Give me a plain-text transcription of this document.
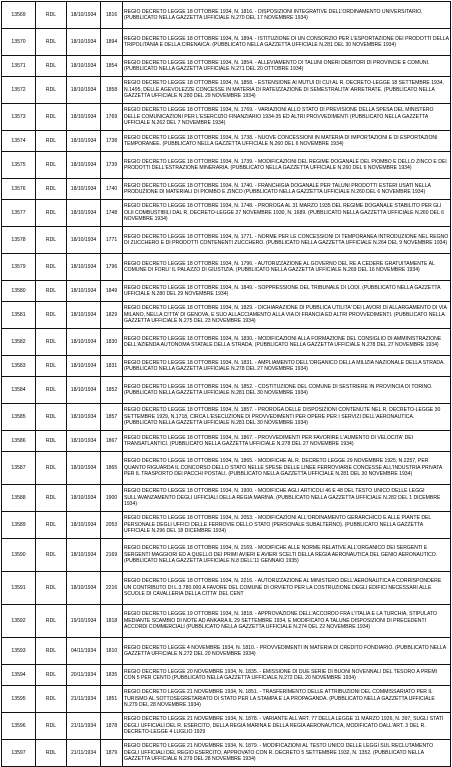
13569	RDL	18/10/1934	1816	REGIO DECRETO LEGGE 18 OTTOBRE 1934, N. 1816. - DISPOSIZIONI INTEGRATIVE DELL'ORDINAMENTO UNIVERSITARIO. (PUBBLICATO NELLA GAZZETTA UFFICIALE N.270 DEL 17 NOVEMBRE 1934)
13570	RDL	18/10/1934	1894	REGIO DECRETO LEGGE 18 OTTOBRE 1934, N. 1894. - ISTITUZIONE DI UN CONSORZIO PER L'ESPORTAZIONE DEI PRODOTTI DELLA TRIPOLITANIA E DELLA CIRENAICA. (PUBBLICATO NELLA GAZZETTA UFFICIALE N.281 DEL 30 NOVEMBRE 1934)
13571	RDL	18/10/1934	1854	REGIO DECRETO LEGGE 18 OTTOBRE 1934, N. 1854. - ALLEVIAMENTO DI TALUNI ONERI DEBITORI DI PROVINCIE E COMUNI. (PUBBLICATO NELLA GAZZETTA UFFICIALE N.271 DEL 20 OTTOBRE 1934)
13572	RDL	18/10/1934	1858	REGIO DECRETO LEGGE 18 OTTOBRE 1934, N. 1858. - ESTENSIONE AI MUTUI DI CUI AL R. DECRETO-LEGGE 18 SETTEMBRE 1934, N.1495, DELLE AGEVOLEZZE CONCESSE IN MATERIA DI RATEIZZAZIONE DI SEMESTRALITA' ARRETRATE. (PUBBLICATO NELLA GAZZETTA UFFICIALE N.280 DEL 29 NOVEMBRE 1934)
13573	RDL	18/10/1934	1769	REGIO DECRETO LEGGE 18 OTTOBRE 1934, N. 1769. - VARIAZIONI ALLO STATO DI PREVISIONE DELLA SPESA DEL MINISTERO DELLE COMUNICAZIONI PER L'ESERCIZIO FINANZIARIO 1934-35 ED ALTRI PROVVEDIMENTI (PUBBLICATO NELLA GAZZETTA UFFICIALE N.262 DEL 7 NOVEMBRE 1934)
13574	RDL	18/10/1934	1738	REGIO DECRETO LEGGE 18 OTTOBRE 1934, N. 1738. - NUOVE CONCESSIONI IN MATERIA DI IMPORTAZIONI E DI ESPORTAZIONI TEMPORANEE. (PUBBLICATO NELLA GAZZETTA UFFICIALE N.260 DEL 6 NOVEMBRE 1934)
13575	RDL	18/10/1934	1739	REGIO DECRETO LEGGE 18 OTTOBRE 1934, N. 1739. - MODIFICAZIONI DEL REGIME DOGANALE DEL PIOMBO E DELLO ZINCO E DEI PRODOTTI DELL'ESTRAZIONE MINERARIA. (PUBBLICATO NELLA GAZZETTA UFFICIALE N.260 DEL 6 NOVEMBRE 1934)
13576	RDL	18/10/1934	1740	REGIO DECRETO LEGGE 18 OTTOBRE 1934, N. 1740. - FRANCHIGIA DOGANALE PER TALUNI PRODOTTI ESTERI USATI NELLA PRODUZIONE DI MATERIALI DI PIOMBO E ZINCO (PUBBLICATO NELLA GAZZETTA UFFICIALE N.260 DEL 6 NOVEMBRE 1934)
13577	RDL	18/10/1934	1748	REGIO DECRETO LEGGE 18 OTTOBRE 1934, N. 1748. - PROROGA AL 31 MARZO 1935 DEL REGIME DOGANALE STABILITO PER GLI OLII COMBUSTIBILI DAL R. DECRETO-LEGGE 27 NOVEMBRE 1930, N. 1689. (PUBBLICATO NELLA GAZZETTA UFFICIALE N.260 DEL 6 NOVEMBRE 1934)
13578	RDL	18/10/1934	1771	REGIO DECRETO LEGGE 18 OTTOBRE 1934, N. 1771. - NORME PER LE CONCESSIONI DI TEMPORANEA INTRODUZIONE NEL REGNO DI ZUCCHERO E DI PRODOTTI CONTENENTI ZUCCHERO. (PUBBLICATO NELLA GAZZETTA UFFICIALE N.264 DEL 9 NOVEMBRE 1934)
13579	RDL	18/10/1934	1796	REGIO DECRETO LEGGE 18 OTTOBRE 1934, N. 1796. - AUTORIZZAZIONE AL GOVERNO DEL RE A CEDERE GRATUITAMENTE AL COMUNE DI FORLI' IL PALAZZO DI GIUSTIZIA. (PUBBLICATO NELLA GAZZETTA UFFICIALE N.269 DEL 16 NOVEMBRE 1934)
13580	RDL	18/10/1934	1849	REGIO DECRETO LEGGE 18 OTTOBRE 1934, N. 1849. - SOPPRESSIONE DEL TRIBUNALE DI LODI. (PUBBLICATO NELLA GAZZETTA UFFICIALE N.280 DEL 29 NOVEMBRE 1934)
13581	RDL	18/10/1934	1829	REGIO DECRETO LEGGE 18 OTTOBRE 1934, N. 1829. - DICHIARAZIONE DI PUBBLICA UTILITA' DEI LAVORI DI ALLARGAMENTO DI VIA MILANO, NELLA CITTA' DI GENOVA, E SUO ALLACCIAMENTO ALLA VIA DI FRANCIA ED ALTRI PROVVEDIMENTI. (PUBBLICATO NELLA GAZZETTA UFFICIALE N.275 DEL 23 NOVEMBRE 1934)
13582	RDL	18/10/1934	1830	REGIO DECRETO LEGGE 18 OTTOBRE 1934, N. 1830. - MODIFICAZIONI ALLA FORMAZIONE DEL CONSIGLIO DI AMMINISTRAZIONE DELL'AZIENDA AUTONOMA STATALE DELLA STRADA. (PUBBLICATO NELLA GAZZETTA UFFICIALE N.278 DEL 27 NOVEMBRE 1934)
13583	RDL	18/10/1934	1831	REGIO DECRETO LEGGE 18 OTTOBRE 1934, N. 1831. - AMPLIAMENTO DELL'ORGANICO DELLA MILIZIA NAZIONALE DELLA STRADA. (PUBBLICATO NELLA GAZZETTA UFFICIALE N.278 DEL 27 NOVEMBRE 1934)
13584	RDL	18/10/1934	1852	REGIO DECRETO LEGGE 18 OTTOBRE 1934, N. 1852. - COSTITUZIONE DEL COMUNE DI SESTRIERE IN PROVINCIA DI TORINO. (PUBBLICATO NELLA GAZZETTA UFFICIALE N.281 DEL 30 NOVEMBRE 1934)
13585	RDL	18/10/1934	1857	REGIO DECRETO LEGGE 18 OTTOBRE 1934, N. 1857. - PROROGA DELLE DISPOSIZIONI CONTENUTE NEL R. DECRETO-LEGGE 30 SETTEMBRE 1929, N.1718, CIRCA L'ESECUZIONE DI PROVVEDIMENTI PER OPERE PER I SERVIZI DELL'AERONAUTICA. (PUBBLICATO NELLA GAZZETTA UFFICIALE N.281 DEL 30 NOVEMBRE 1934)
13586	RDL	18/10/1934	1867	REGIO DECRETO LEGGE 18 OTTOBRE 1934, N. 1867. - PROVVEDIMENTI PER FAVORIRE L'AUMENTO DI VELOCITA' DEI TRANSATLANTICI. (PUBBLICATO NELLA GAZZETTA UFFICIALE N.278 DEL 27 NOVEMBRE 1934)
13587	RDL	18/10/1934	1865	REGIO DECRETO LEGGE 18 OTTOBRE 1934, N. 1865. - MODIFICHE AL R. DECRETO LEGGE 29 NOVEMBRE 1925, N.2257, PER QUANTO RIGUARDA IL CONCORSO DELLO STATO NELLE SPESE DELLE LINEE FERROVIARIE CONCESSE ALL'INDUSTRIA PRIVATA PER IL TRASPORTO DEI PACCHI POSTALI. (PUBBLICATO NELLA GAZZETTA UFFICIALE N.281 DEL 30 NOVEMBRE 1934)
13588	RDL	18/10/1934	1900	REGIO DECRETO LEGGE 18 OTTOBRE 1934, N. 1900. - MODIFICHE AGLI ARTICOLI 46 E 48 DEL TESTO UNICO DELLE LEGGI SULL'AVANZAMENTO DEGLI UFFICIALI DELLA REGIA MARINA. (PUBBLICATO NELLA GAZZETTA UFFICIALE N.282 DEL 1 DICEMBRE 1934)
13589	RDL	18/10/1934	2053	REGIO DECRETO LEGGE 18 OTTOBRE 1934, N. 2053. - MODIFICAZIONI ALL'ORDINAMENTO GERARCHICO E ALLE PIANTE DEL PERSONALE DEGLI UFFICI DELLE FERROVIE DELLO STATO (PERSONALE SUBALTERNO). (PUBBLICATO NELLA GAZZETTA UFFICIALE N.296 DEL 18 DICEMBRE 1934)
13590	RDL	18/10/1934	2169	REGIO DECRETO LEGGE 18 OTTOBRE 1934, N. 2169. - MODIFICHE ALLE NORME RELATIVE ALL'ORGANICO DEI SERGENTI E SERGENTI MAGGIORI ED A QUELLO DEI PRIMI AVIERI E AVIERI SCELTI DELLA REGIA AERONAUTICA DEL GENIO AERONAUTICO. (PUBBLICATO NELLA GAZZETTA UFFICIALE N.8 DELL'11 GENNAIO 1935)
13591	RDL	18/10/1934	2216	REGIO DECRETO LEGGE 18 OTTOBRE 1934, N. 2216. - AUTORIZZAZIONE AL MINISTERO DELL'AERONAUTICA A CORRISPONDERE UN CONTRIBUTO DI L.3.780.000 A FAVORE DEL COMUNE DI ORVIETO PER LA COSTRUZIONE DEGLI EDIFICI NECESSARI ALLE SCUOLE DI CAVALLERIA DELLA CITTA' DEL CENT
13592	RDL	19/10/1934	1818	REGIO DECRETO LEGGE 19 OTTOBRE 1934, N. 1818. - APPROVAZIONE DELL'ACCORDO FRA L'ITALIA E LA TURCHIA, STIPULATO MEDIANTE SCAMBIO DI NOTE AD ANKARA IL 29 SETTEMBRE 1934, E MODIFICATO A TALUNE DISPOSIZIONI DI PRECEDENTI ACCORDI COMMERCIALI (PUBBLICATO NELLA GAZZETTA UFFICIALE N.274 DEL 22 NOVEMBRE 1934)
13593	RDL	04/11/1934	1810	REGIO DECRETO LEGGE 4 NOVEMBRE 1934, N. 1810. - PROVVEDIMENTI IN MATERIA DI CREDITO FONDIARIO. (PUBBLICATO NELLA GAZZETTA UFFICIALE N.272 DEL 20 NOVEMBRE 1934)
13594	RDL	20/11/1934	1835	REGIO DECRETO LEGGE 20 NOVEMBRE 1934, N. 1835. - EMISSIONE DI DUE SERIE DI BUONI NOVENNALI DEL TESORO A PREMI CON 5 PER CENTO (PUBBLICATO NELLA GAZZETTA UFFICIALE N.272 DEL 20 NOVEMBRE 1934)
13595	RDL	21/11/1934	1851	REGIO DECRETO LEGGE 21 NOVEMBRE 1934, N. 1851. - TRASFERIMENTO DELLE ATTRIBUZIONI DEL COMMISSARIATO PER IL TURISMO AL SOTTOSEGRETARIATO DI STATO PER LA STAMPA E LA PROPAGANDA. (PUBBLICATO NELLA GAZZETTA UFFICIALE N.279 DEL 28 NOVEMBRE 1934)
13596	RDL	21/11/1934	1878	REGIO DECRETO LEGGE 21 NOVEMBRE 1934, N. 1878. - VARIANTE ALL'ART. 77 DELLA LEGGE 11 MARZO 1926, N. 397, SUGLI STATI DEGLI UFFICIALI DEL R. ESERCITO, DELLA REGIA MARINA E DELLA REGIA AERONAUTICA, MODIFICATO DALL'ART. 3 DEL R. DECRETO-LEGGE 4 LUGLIO 1929
13597	RDL	21/11/1934	1879	REGIO DECRETO LEGGE 21 NOVEMBRE 1934, N. 1879. - MODIFICAZIONI AL TESTO UNICO DELLE LEGGI SUL RECLUTAMENTO DEGLI UFFICIALI DEL REGIO ESERCITO, APPROVATO CON R. DECRETO 5 SETTEMBRE 1932, N. 1352. (PUBBLICATO NELLA GAZZETTA UFFICIALE N.279 DEL 28 NOVEMBRE 1934)
